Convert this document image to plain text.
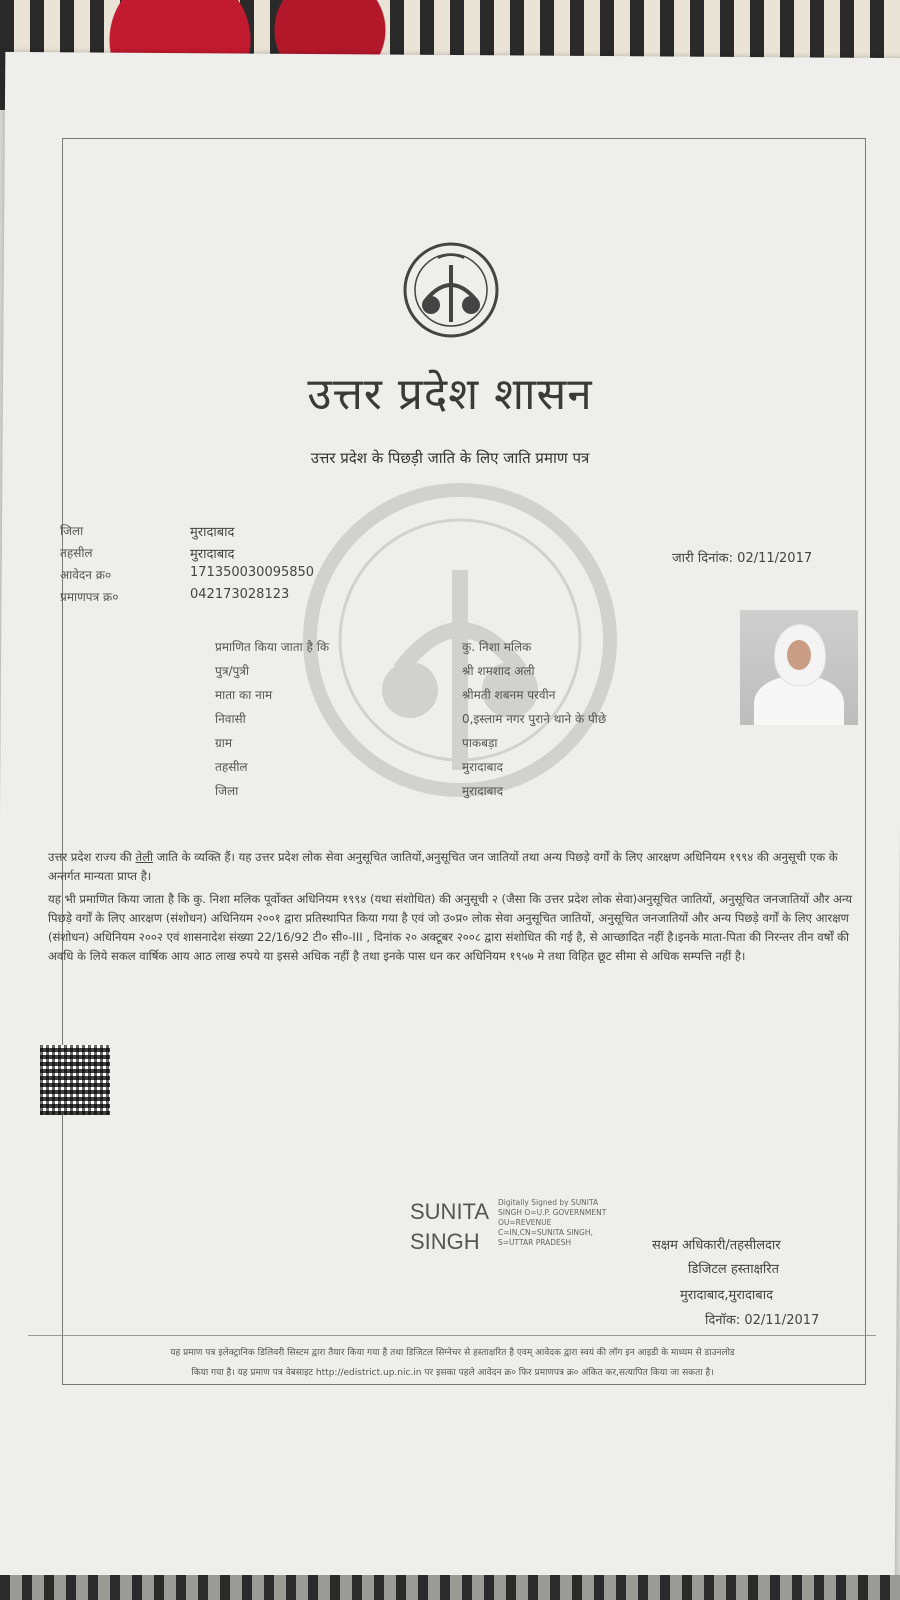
उत्तर प्रदेश शासन
उत्तर प्रदेश के पिछड़ी जाति के लिए जाति प्रमाण पत्र
जिला	मुरादाबाद
तहसील	मुरादाबाद
आवेदन क्र०	171350030095850
प्रमाणपत्र क्र०	042173028123
जारी दिनांक: 02/11/2017
प्रमाणित किया जाता है कि	कु. निशा मलिक
पुत्र/पुत्री	श्री शमशाद अली
माता का नाम	श्रीमती शबनम परवीन
निवासी	0,इस्लाम नगर पुराने थाने के पीछे
ग्राम	पाकबड़ा
तहसील	मुरादाबाद
जिला	मुरादाबाद
उत्तर प्रदेश राज्य की तेली जाति के व्यक्ति हैं। यह उत्तर प्रदेश लोक सेवा अनुसूचित जातियों,अनुसूचित जन जातियों तथा अन्य पिछड़े वर्गों के लिए आरक्षण अधिनियम १९९४ की अनुसूची एक के अन्तर्गत मान्यता प्राप्त है।
यह भी प्रमाणित किया जाता है कि कु. निशा मलिक पूर्वोक्त अधिनियम १९९४ (यथा संशोधित) की अनुसूची २ (जैसा कि उत्तर प्रदेश लोक सेवा)अनुसूचित जातियों, अनुसूचित जनजातियों और अन्य पिछड़े वर्गों के लिए आरक्षण (संशोधन) अधिनियम २००१ द्वारा प्रतिस्थापित किया गया है एवं जो उ०प्र० लोक सेवा अनुसूचित जातियों, अनुसूचित जनजातियों और अन्य पिछड़े वर्गों के लिए आरक्षण (संशोधन) अधिनियम २००२ एवं शासनादेश संख्या 22/16/92 टी० सी०-III , दिनांक २० अक्टूबर २००८ द्वारा संशोधित की गई है, से आच्छादित नहीं है।इनके माता-पिता की निरन्तर तीन वर्षों की अवधि के लिये सकल वार्षिक आय आठ लाख रुपये या इससे अधिक नहीं है तथा इनके पास धन कर अधिनियम १९५७ मे तथा विहित छूट सीमा से अधिक सम्पत्ति नहीं है।
SUNITA
SINGH
Digitally Signed by SUNITA SINGH O=U.P. GOVERNMENT OU=REVENUE C=IN,CN=SUNITA SINGH, S=UTTAR PRADESH	सक्षम अधिकारी/तहसीलदार
डिजिटल हस्ताक्षरित
मुरादाबाद,मुरादाबाद
दिनॉक: 02/11/2017
यह प्रमाण पत्र इलेक्ट्रानिक डिलिवरी सिस्टम द्वारा तैयार किया गया है तथा डिजिटल सिग्नेचर से हस्ताक्षरित है एवम् आवेदक द्वारा स्वयं की लॉग इन आइडी के माध्यम से डाउनलोड
किया गया है। यह प्रमाण पत्र वेबसाइट http://edistrict.up.nic.in पर इसका पहले आवेदन क्र० फिर प्रमाणपत्र क्र० अंकित कर,सत्यापित किया जा सकता है।
